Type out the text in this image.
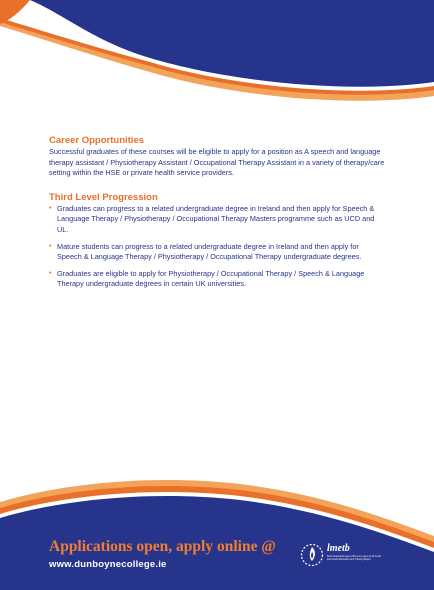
Career Opportunities

Successful graduates of these courses will be eligible to apply for a position as A speech and language therapy assistant / Physiotherapy Assistant / Occupational Therapy Assistant in a variety of therapy/care setting within the HSE or private health service providers.

Third Level Progression
• Graduates can progress to a related undergraduate degree in Ireland and then apply for Speech & Language Therapy / Physiotherapy / Occupational Therapy Masters programme such as UCD and UL.
• Mature students can progress to a related undergraduate degree in Ireland and then apply for Speech & Language Therapy / Physiotherapy / Occupational Therapy undergraduate degrees.
• Graduates are eligible to apply for Physiotherapy / Occupational Therapy / Speech & Language Therapy undergraduate degrees in certain UK universities.
Applications open, apply online @
www.dunboynecollege.ie
lmetb
Bord Oideachais agus Oiliúna Lú agus na Mí Louth and Meath Education and Training Board
